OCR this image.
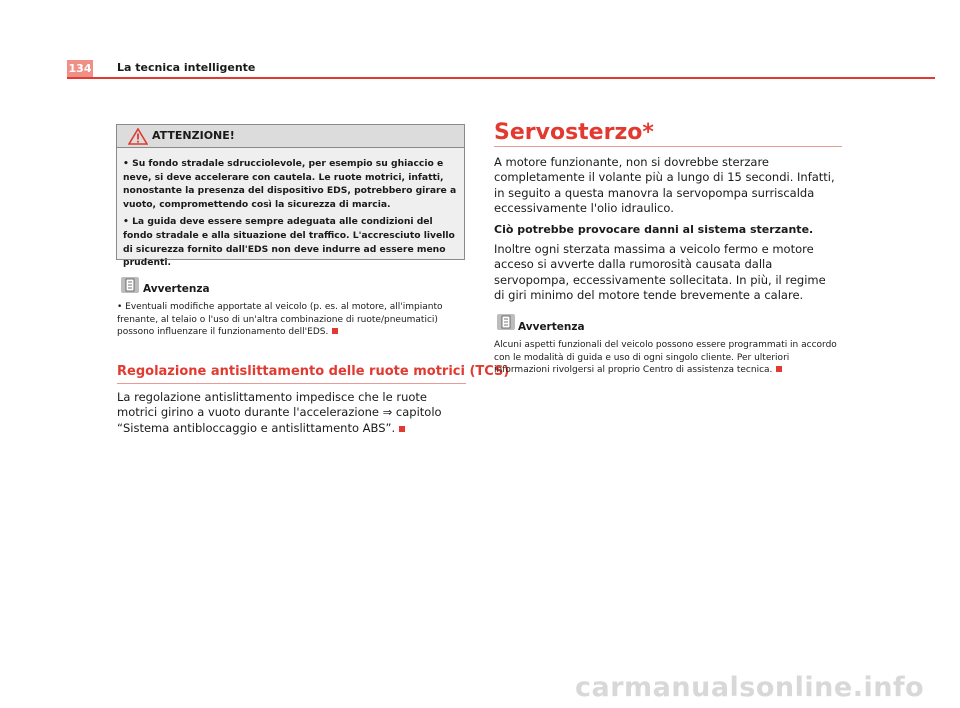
134 La tecnica intelligente
ATTENZIONE!

• Su fondo stradale sdrucciolevole, per esempio su ghiaccio e neve, si deve accelerare con cautela. Le ruote motrici, infatti, nonostante la presenza del dispositivo EDS, potrebbero girare a vuoto, compromettendo così la sicurezza di marcia.

• La guida deve essere sempre adeguata alle condizioni del fondo stradale e alla situazione del traffico. L'accresciuto livello di sicurezza fornito dall'EDS non deve indurre ad essere meno prudenti.

Avvertenza
• Eventuali modifiche apportate al veicolo (p. es. al motore, all'impianto frenante, al telaio o l'uso di un'altra combinazione di ruote/pneumatici) possono influenzare il funzionamento dell'EDS.
Regolazione antislittamento delle ruote motrici (TCS)
La regolazione antislittamento impedisce che le ruote motrici girino a vuoto durante l'accelerazione ⇒ capitolo “Sistema antibloccaggio e antislittamento ABS”.
Servosterzo*
A motore funzionante, non si dovrebbe sterzare completamente il volante più a lungo di 15 secondi. Infatti, in seguito a questa manovra la servopompa surriscalda eccessivamente l'olio idraulico.
Ciò potrebbe provocare danni al sistema sterzante.
Inoltre ogni sterzata massima a veicolo fermo e motore acceso si avverte dalla rumorosità causata dalla servopompa, eccessivamente sollecitata. In più, il regime di giri minimo del motore tende brevemente a calare.
Avvertenza
Alcuni aspetti funzionali del veicolo possono essere programmati in accordo con le modalità di guida e uso di ogni singolo cliente. Per ulteriori informazioni rivolgersi al proprio Centro di assistenza tecnica.
carmanualsonline.info
